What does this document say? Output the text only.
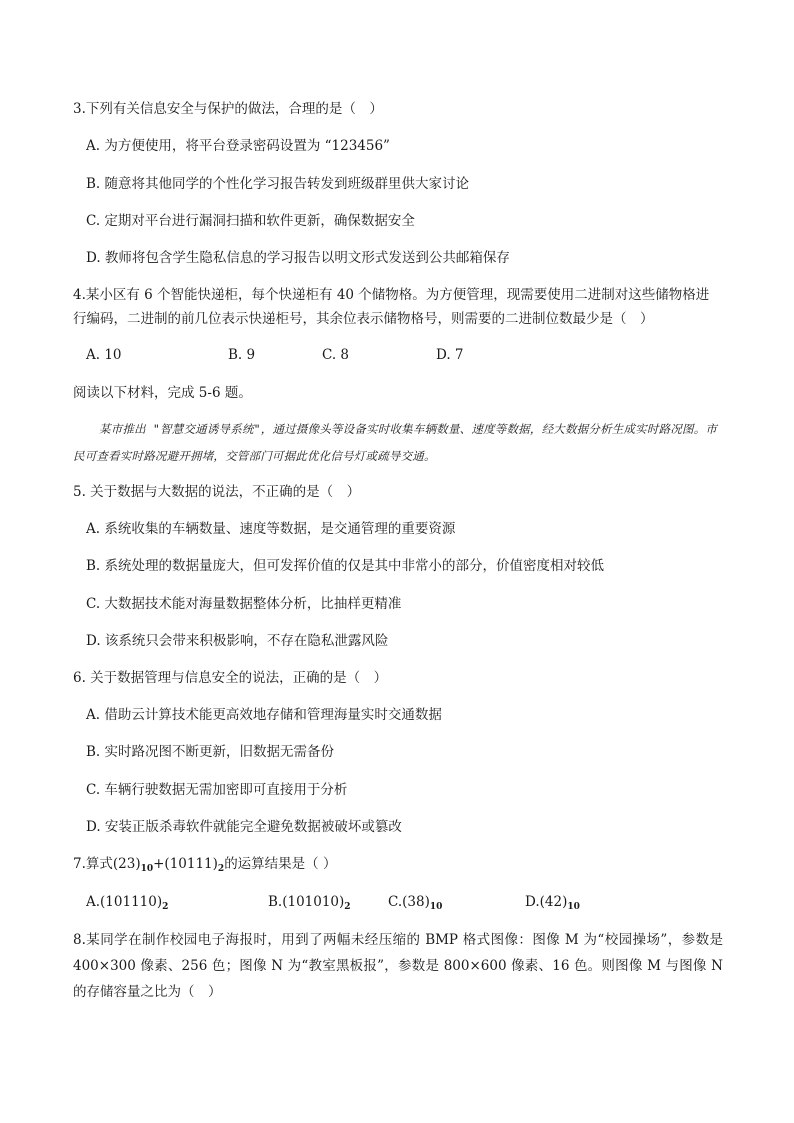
3.下列有关信息安全与保护的做法，合理的是（　）
A. 为方便使用，将平台登录密码设置为 “123456”
B. 随意将其他同学的个性化学习报告转发到班级群里供大家讨论
C. 定期对平台进行漏洞扫描和软件更新，确保数据安全
D. 教师将包含学生隐私信息的学习报告以明文形式发送到公共邮箱保存
4.某小区有 6 个智能快递柜，每个快递柜有 40 个储物格。为方便管理，现需要使用二进制对这些储物格进
行编码，二进制的前几位表示快递柜号，其余位表示储物格号，则需要的二进制位数最少是（　）
A. 10	B. 9	C. 8	D. 7
阅读以下材料，完成 5-6 题。
某市推出 "智慧交通诱导系统"，通过摄像头等设备实时收集车辆数量、速度等数据，经大数据分析生成实时路况图。市民可查看实时路况避开拥堵，交管部门可据此优化信号灯或疏导交通。
5. 关于数据与大数据的说法，不正确的是（　）
A. 系统收集的车辆数量、速度等数据，是交通管理的重要资源
B. 系统处理的数据量庞大，但可发挥价值的仅是其中非常小的部分，价值密度相对较低
C. 大数据技术能对海量数据整体分析，比抽样更精准
D. 该系统只会带来积极影响，不存在隐私泄露风险
6. 关于数据管理与信息安全的说法，正确的是（　）
A. 借助云计算技术能更高效地存储和管理海量实时交通数据
B. 实时路况图不断更新，旧数据无需备份
C. 车辆行驶数据无需加密即可直接用于分析
D. 安装正版杀毒软件就能完全避免数据被破坏或篡改
7.算式$(23)_{10}+(10111)_2$的运算结果是（ ）
$A.(101110)_2$	$B.(101010)_2$	$C.(38)_{10}$	$D.(42)_{10}$
8.某同学在制作校园电子海报时，用到了两幅未经压缩的 BMP 格式图像：图像 M 为“校园操场”，参数是 400×300 像素、256 色；图像 N 为“教室黑板报”，参数是 800×600 像素、16 色。则图像 M 与图像 N 的存储容量之比为（　）
